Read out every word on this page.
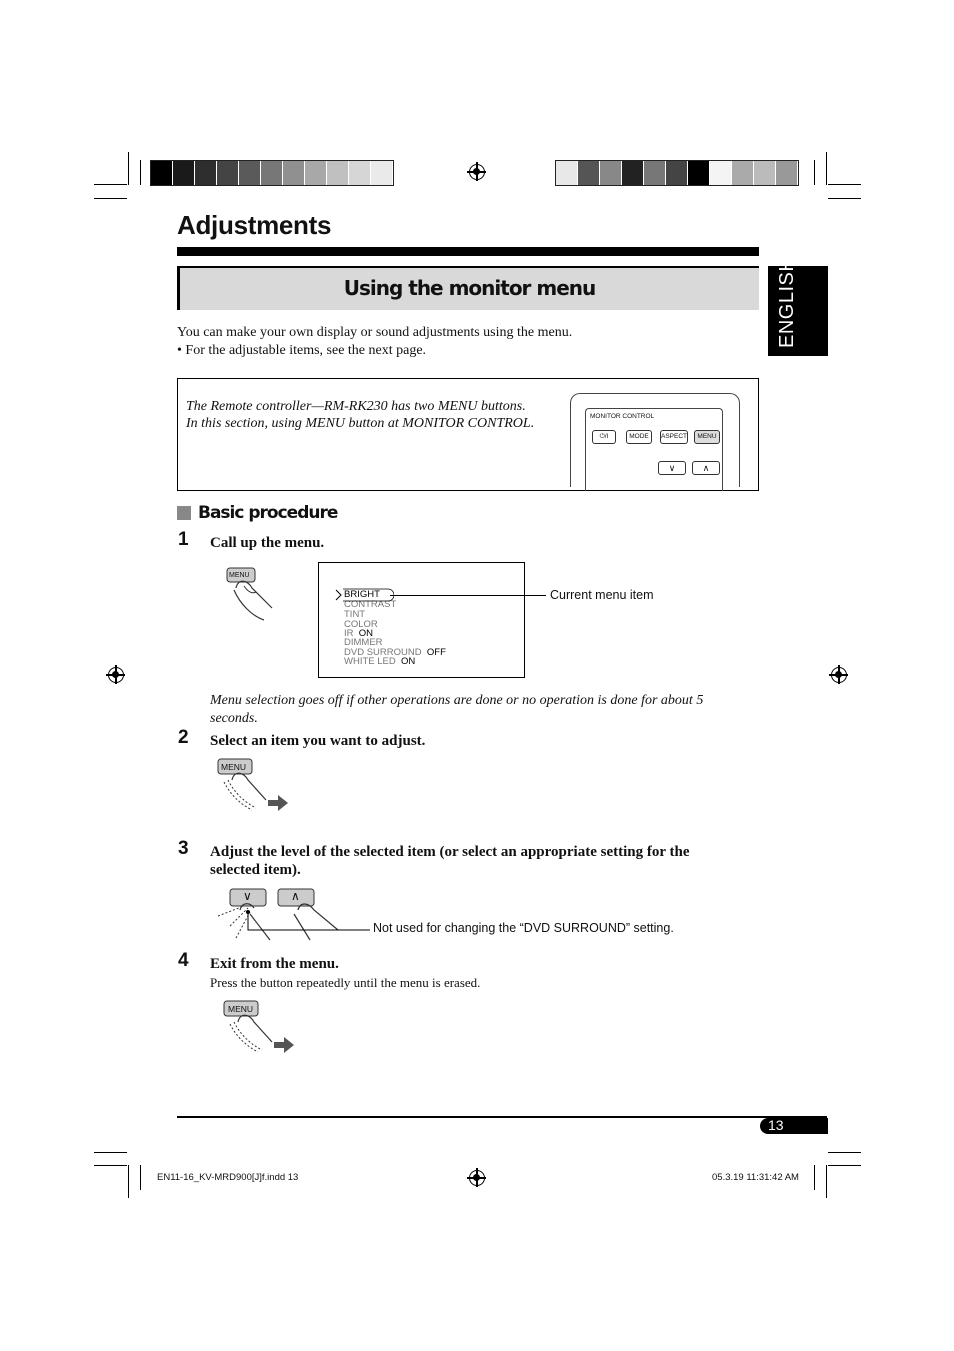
Adjustments
Using the monitor menu	ENGLISH
You can make your own display or sound adjustments using the menu.
• For the adjustable items, see the next page.
The Remote controller—RM-RK230 has two MENU buttons.
In this section, using MENU button at MONITOR CONTROL.	MONITOR CONTROL
⏻/I	MODE	ASPECT	MENU
∨	∧
Basic procedure
1 Call up the menu.
MENU
BRIGHT
CONTRAST
TINT
COLOR
IR ON
DIMMER
DVD SURROUND OFF
WHITE LED ON
Current menu item
Menu selection goes off if other operations are done or no operation is done for about 5
seconds.
2 Select an item you want to adjust.
MENU
3 Adjust the level of the selected item (or select an appropriate setting for the
selected item).
∨	∧
Not used for changing the “DVD SURROUND” setting.
4 Exit from the menu.
Press the button repeatedly until the menu is erased.
MENU
13
EN11-16_KV-MRD900[J]f.indd 13	05.3.19 11:31:42 AM
